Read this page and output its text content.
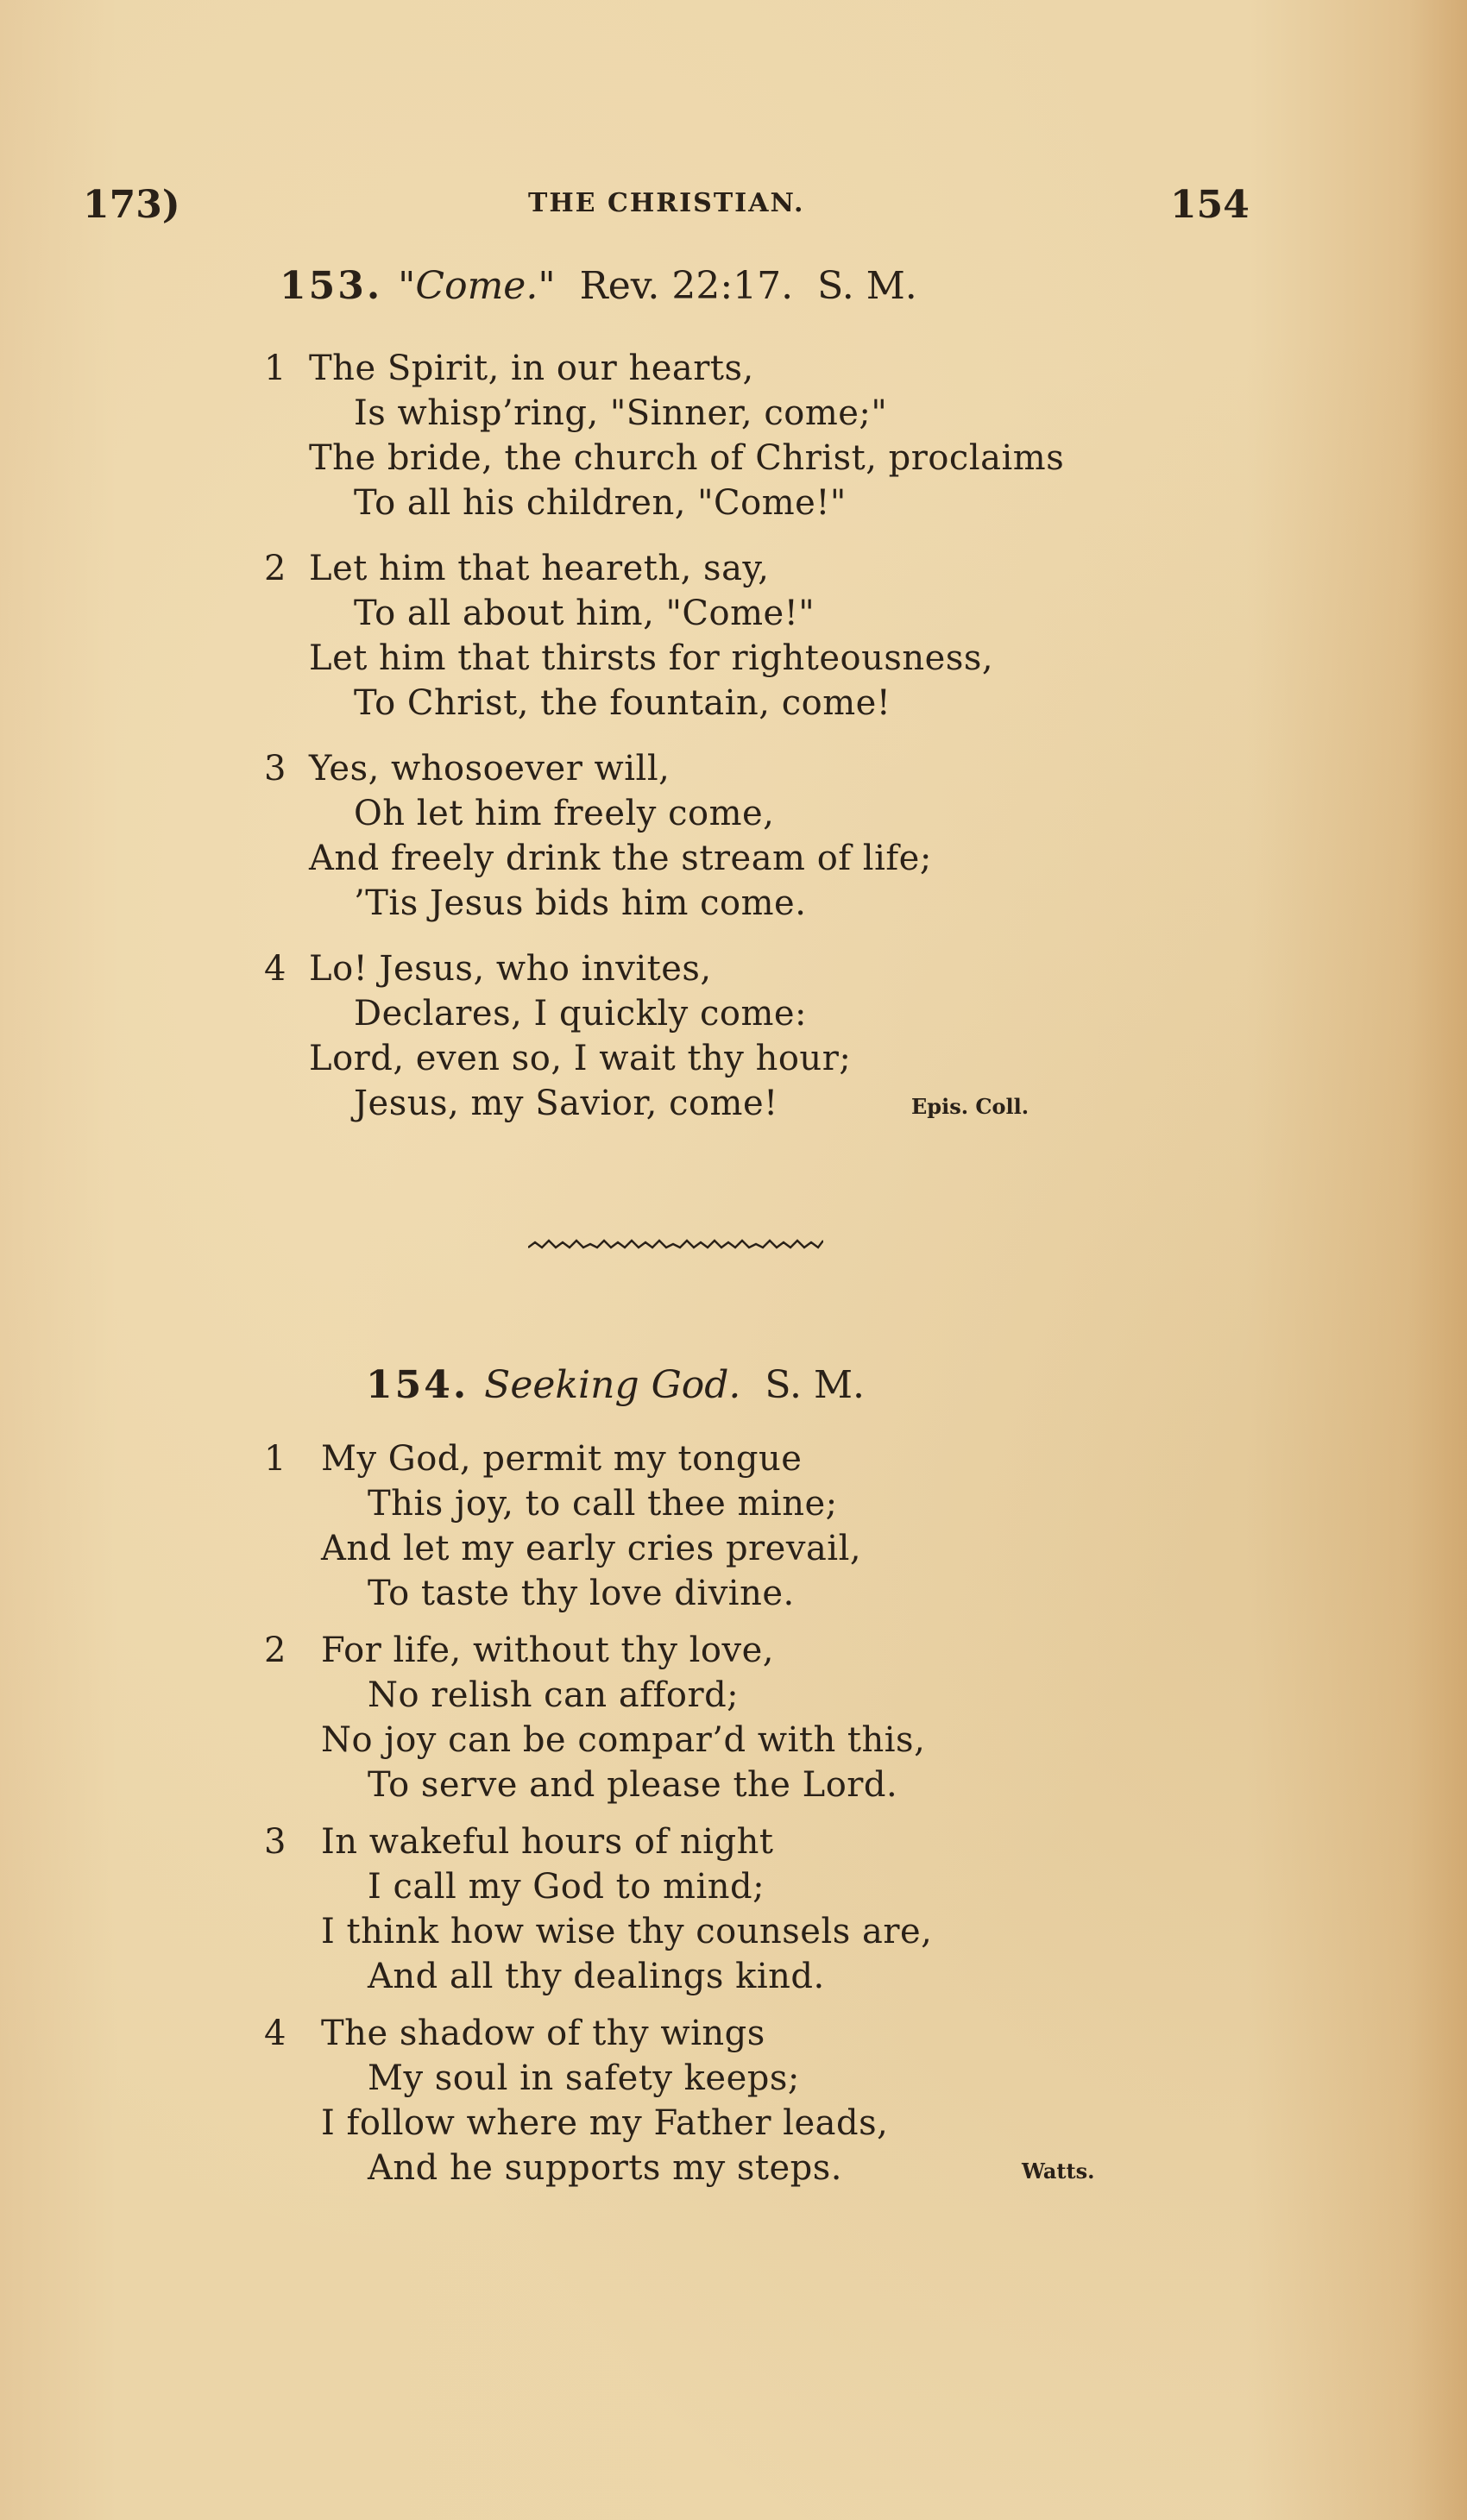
173)	THE CHRISTIAN.	154
153. "Come." Rev. 22:17. S. M.
1 The Spirit, in our hearts,
Is whisp’ring, "Sinner, come;"
The bride, the church of Christ, proclaims
To all his children, "Come!"
2 Let him that heareth, say,
To all about him, "Come!"
Let him that thirsts for righteousness,
To Christ, the fountain, come!
3 Yes, whosoever will,
Oh let him freely come,
And freely drink the stream of life;
’Tis Jesus bids him come.
4 Lo! Jesus, who invites,
Declares, I quickly come:
Lord, even so, I wait thy hour;
Jesus, my Savior, come!	Epis. Coll.
154. Seeking God. S. M.
1 My God, permit my tongue
This joy, to call thee mine;
And let my early cries prevail,
To taste thy love divine.
2 For life, without thy love,
No relish can afford;
No joy can be compar’d with this,
To serve and please the Lord.
3 In wakeful hours of night
I call my God to mind;
I think how wise thy counsels are,
And all thy dealings kind.
4 The shadow of thy wings
My soul in safety keeps;
I follow where my Father leads,
And he supports my steps.	Watts.
